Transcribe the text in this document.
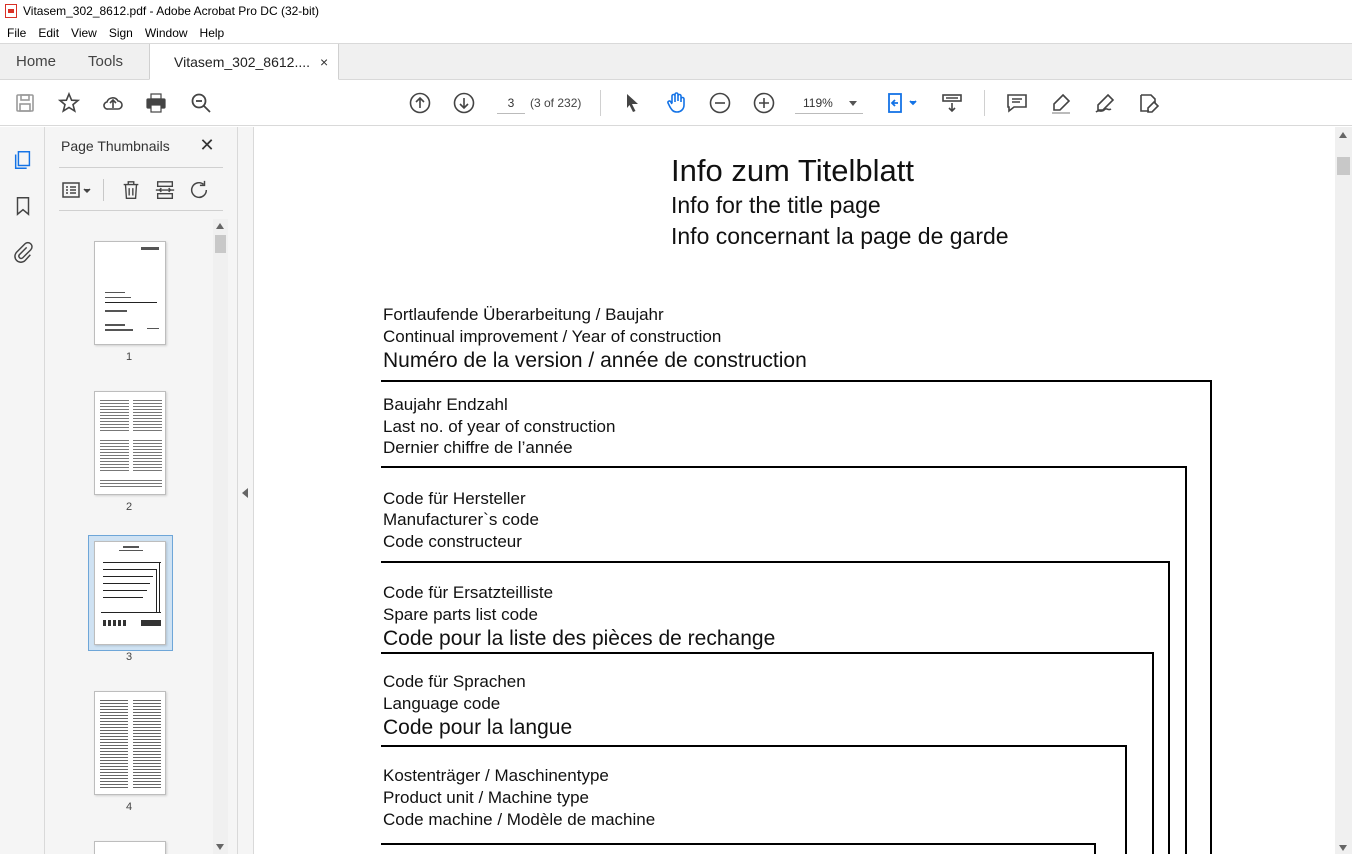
Vitasem_302_8612.pdf - Adobe Acrobat Pro DC (32-bit)
File	Edit	View	Sign	Window	Help
Home	Tools	Vitasem_302_8612.... ×
3	(3 of 232)	119%
Page Thumbnails ✕
1
2
3
4
Info zum Titelblatt
Info for the title page
Info concernant la page de garde
Fortlaufende Überarbeitung / Baujahr
Continual improvement / Year of construction
Numéro de la version / année de construction
Baujahr Endzahl
Last no. of year of construction
Dernier chiffre de l’année
Code für Hersteller
Manufacturer`s code
Code constructeur
Code für Ersatzteilliste
Spare parts list code
Code pour la liste des pièces de rechange
Code für Sprachen
Language code
Code pour la langue
Kostenträger / Maschinentype
Product unit / Machine type
Code machine / Modèle de machine
